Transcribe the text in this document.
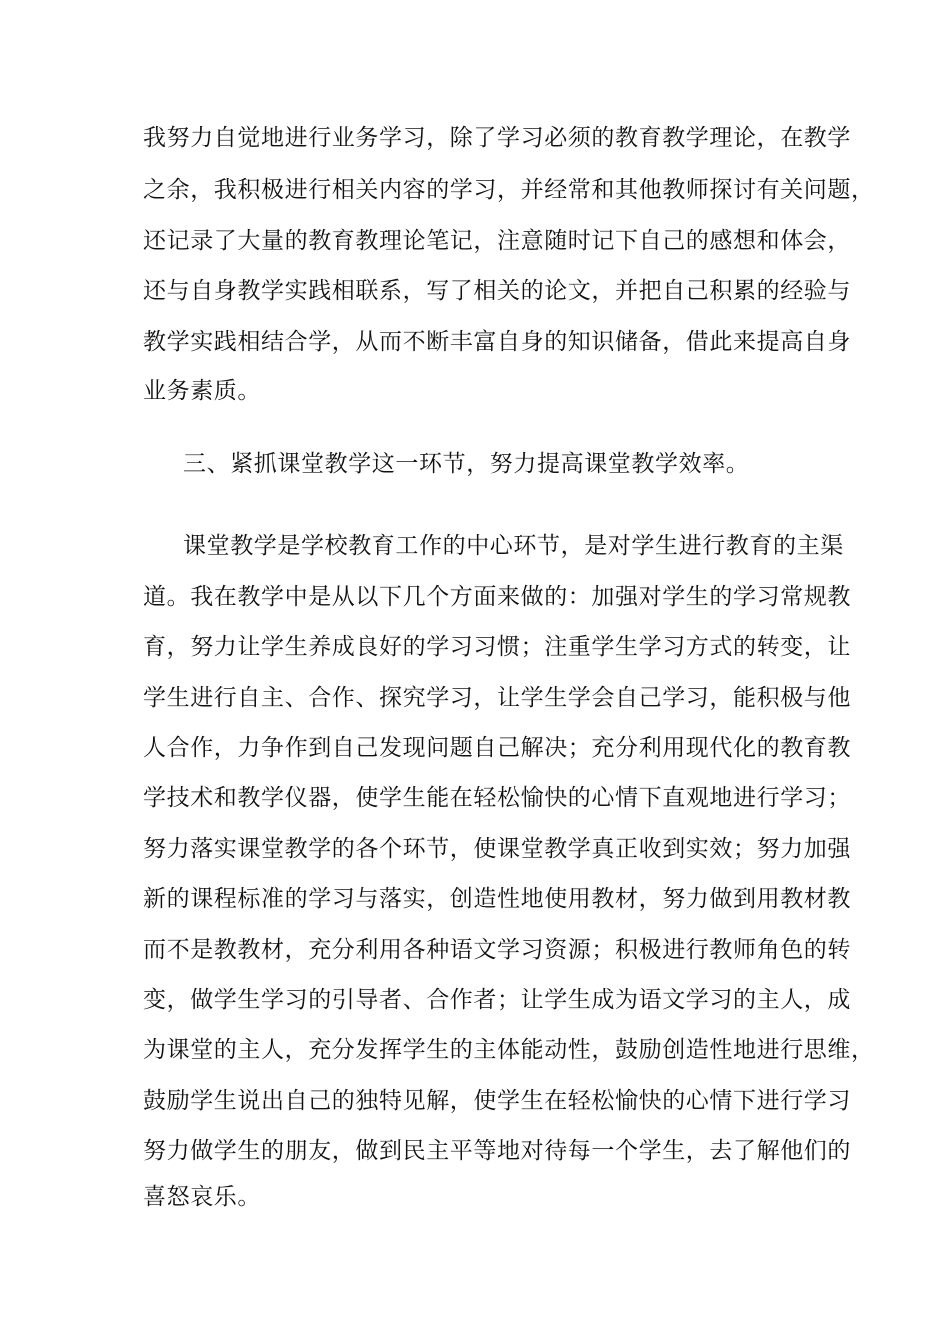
我努力自觉地进行业务学习，除了学习必须的教育教学理论，在教学
之余，我积极进行相关内容的学习，并经常和其他教师探讨有关问题，
还记录了大量的教育教理论笔记，注意随时记下自己的感想和体会，
还与自身教学实践相联系，写了相关的论文，并把自己积累的经验与
教学实践相结合学，从而不断丰富自身的知识储备，借此来提高自身
业务素质。
三、紧抓课堂教学这一环节，努力提高课堂教学效率。
课堂教学是学校教育工作的中心环节，是对学生进行教育的主渠
道。我在教学中是从以下几个方面来做的：加强对学生的学习常规教
育，努力让学生养成良好的学习习惯；注重学生学习方式的转变，让
学生进行自主、合作、探究学习，让学生学会自己学习，能积极与他
人合作，力争作到自己发现问题自己解决；充分利用现代化的教育教
学技术和教学仪器，使学生能在轻松愉快的心情下直观地进行学习；
努力落实课堂教学的各个环节，使课堂教学真正收到实效；努力加强
新的课程标准的学习与落实，创造性地使用教材，努力做到用教材教
而不是教教材，充分利用各种语文学习资源；积极进行教师角色的转
变，做学生学习的引导者、合作者；让学生成为语文学习的主人，成
为课堂的主人，充分发挥学生的主体能动性，鼓励创造性地进行思维，
鼓励学生说出自己的独特见解，使学生在轻松愉快的心情下进行学习
努力做学生的朋友，做到民主平等地对待每一个学生，去了解他们的
喜怒哀乐。
